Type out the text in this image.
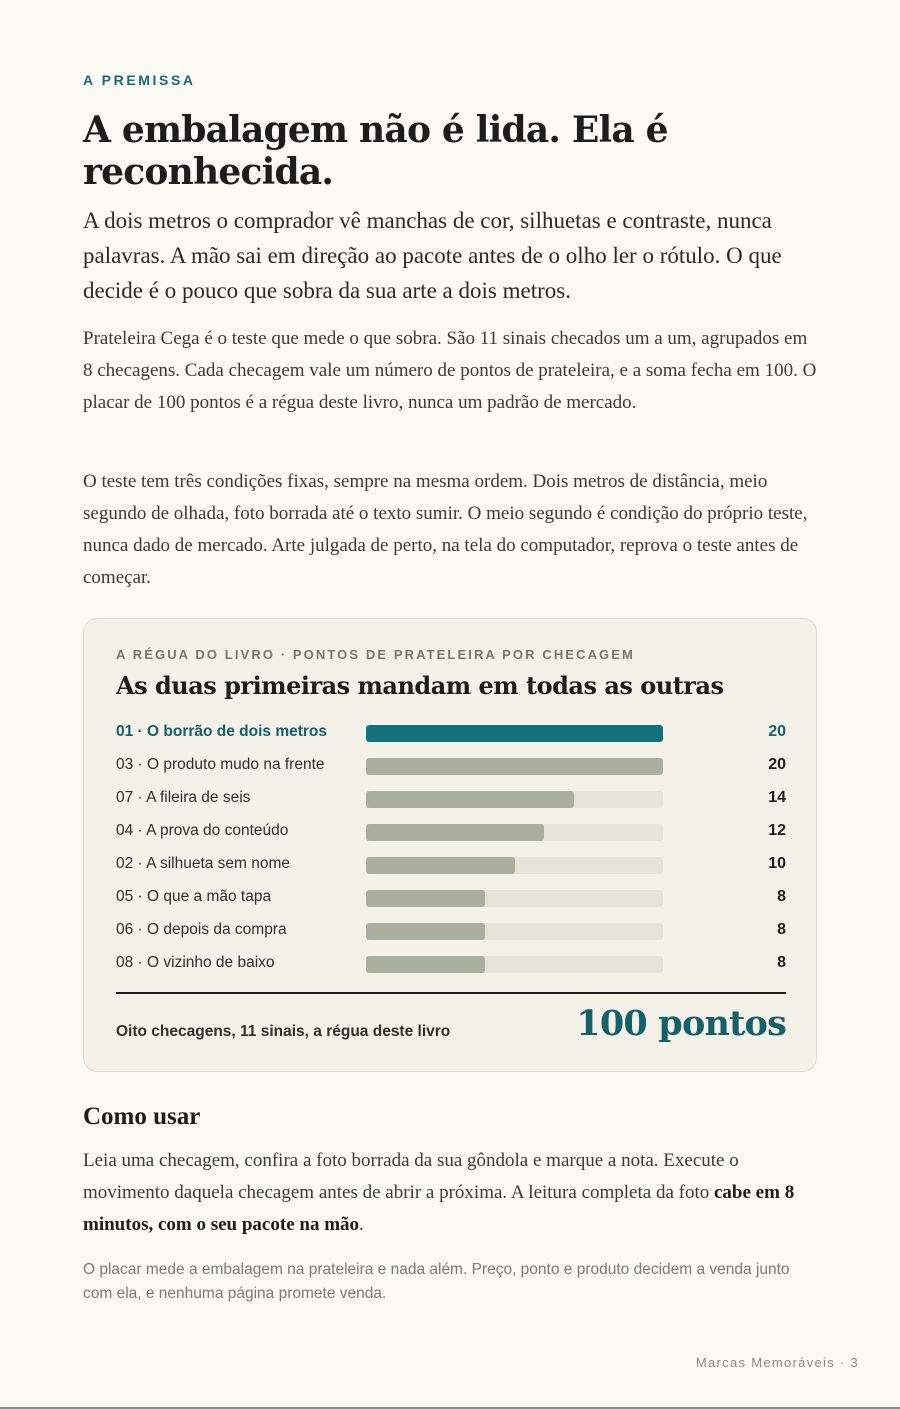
A PREMISSA
A embalagem não é lida. Ela é reconhecida.

A dois metros o comprador vê manchas de cor, silhuetas e contraste, nunca palavras. A mão sai em direção ao pacote antes de o olho ler o rótulo. O que decide é o pouco que sobra da sua arte a dois metros.

Prateleira Cega é o teste que mede o que sobra. São 11 sinais checados um a um, agrupados em 8 checagens. Cada checagem vale um número de pontos de prateleira, e a soma fecha em 100. O placar de 100 pontos é a régua deste livro, nunca um padrão de mercado.

O teste tem três condições fixas, sempre na mesma ordem. Dois metros de distância, meio segundo de olhada, foto borrada até o texto sumir. O meio segundo é condição do próprio teste, nunca dado de mercado. Arte julgada de perto, na tela do computador, reprova o teste antes de começar.

A RÉGUA DO LIVRO · PONTOS DE PRATELEIRA POR CHECAGEM
As duas primeiras mandam em todas as outras
01 · O borrão de dois metros	20
03 · O produto mudo na frente	20
07 · A fileira de seis	14
04 · A prova do conteúdo	12
02 · A silhueta sem nome	10
05 · O que a mão tapa	8
06 · O depois da compra	8
08 · O vizinho de baixo	8
Oito checagens, 11 sinais, a régua deste livro	100 pontos
Como usar

Leia uma checagem, confira a foto borrada da sua gôndola e marque a nota. Execute o movimento daquela checagem antes de abrir a próxima. A leitura completa da foto cabe em 8 minutos, com o seu pacote na mão.

O placar mede a embalagem na prateleira e nada além. Preço, ponto e produto decidem a venda junto com ela, e nenhuma página promete venda.

Marcas Memoráveis · 3
